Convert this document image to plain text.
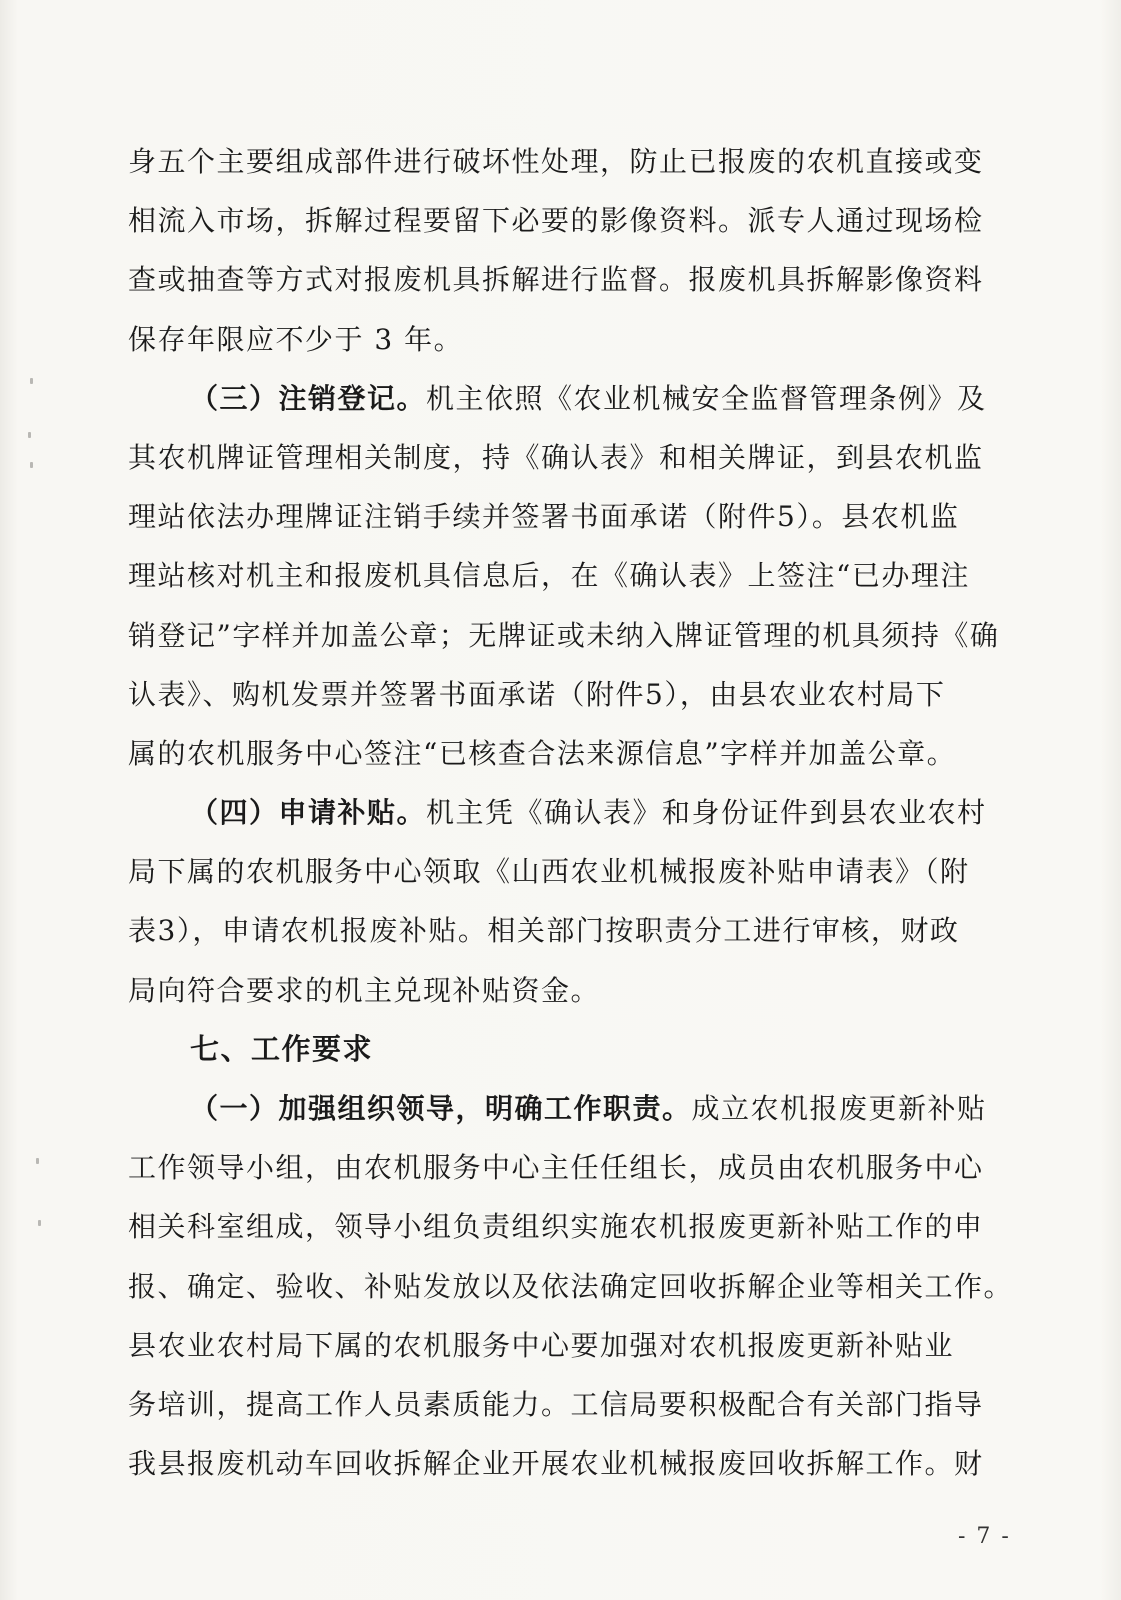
身五个主要组成部件进行破坏性处理，防止已报废的农机直接或变
相流入市场，拆解过程要留下必要的影像资料。派专人通过现场检
查或抽查等方式对报废机具拆解进行监督。报废机具拆解影像资料
保存年限应不少于 3 年。
（三）注销登记。机主依照《农业机械安全监督管理条例》及
其农机牌证管理相关制度，持《确认表》和相关牌证，到县农机监
理站依法办理牌证注销手续并签署书面承诺（附件5）。县农机监
理站核对机主和报废机具信息后，在《确认表》上签注“已办理注
销登记”字样并加盖公章；无牌证或未纳入牌证管理的机具须持《确
认表》、购机发票并签署书面承诺（附件5），由县农业农村局下
属的农机服务中心签注“已核查合法来源信息”字样并加盖公章。
（四）申请补贴。机主凭《确认表》和身份证件到县农业农村
局下属的农机服务中心领取《山西农业机械报废补贴申请表》（附
表3），申请农机报废补贴。相关部门按职责分工进行审核，财政
局向符合要求的机主兑现补贴资金。
七、工作要求
（一）加强组织领导，明确工作职责。成立农机报废更新补贴
工作领导小组，由农机服务中心主任任组长，成员由农机服务中心
相关科室组成，领导小组负责组织实施农机报废更新补贴工作的申
报、确定、验收、补贴发放以及依法确定回收拆解企业等相关工作。
县农业农村局下属的农机服务中心要加强对农机报废更新补贴业
务培训，提高工作人员素质能力。工信局要积极配合有关部门指导
我县报废机动车回收拆解企业开展农业机械报废回收拆解工作。财
- 7 -
